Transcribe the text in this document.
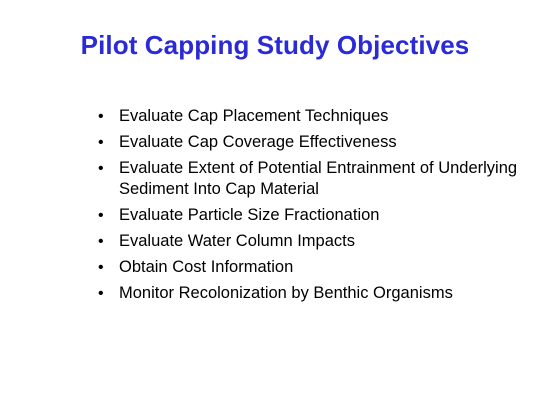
Pilot Capping Study Objectives
• Evaluate Cap Placement Techniques
• Evaluate Cap Coverage Effectiveness
• Evaluate Extent of Potential Entrainment of Underlying Sediment Into Cap Material
• Evaluate Particle Size Fractionation
• Evaluate Water Column Impacts
• Obtain Cost Information
• Monitor Recolonization by Benthic Organisms
